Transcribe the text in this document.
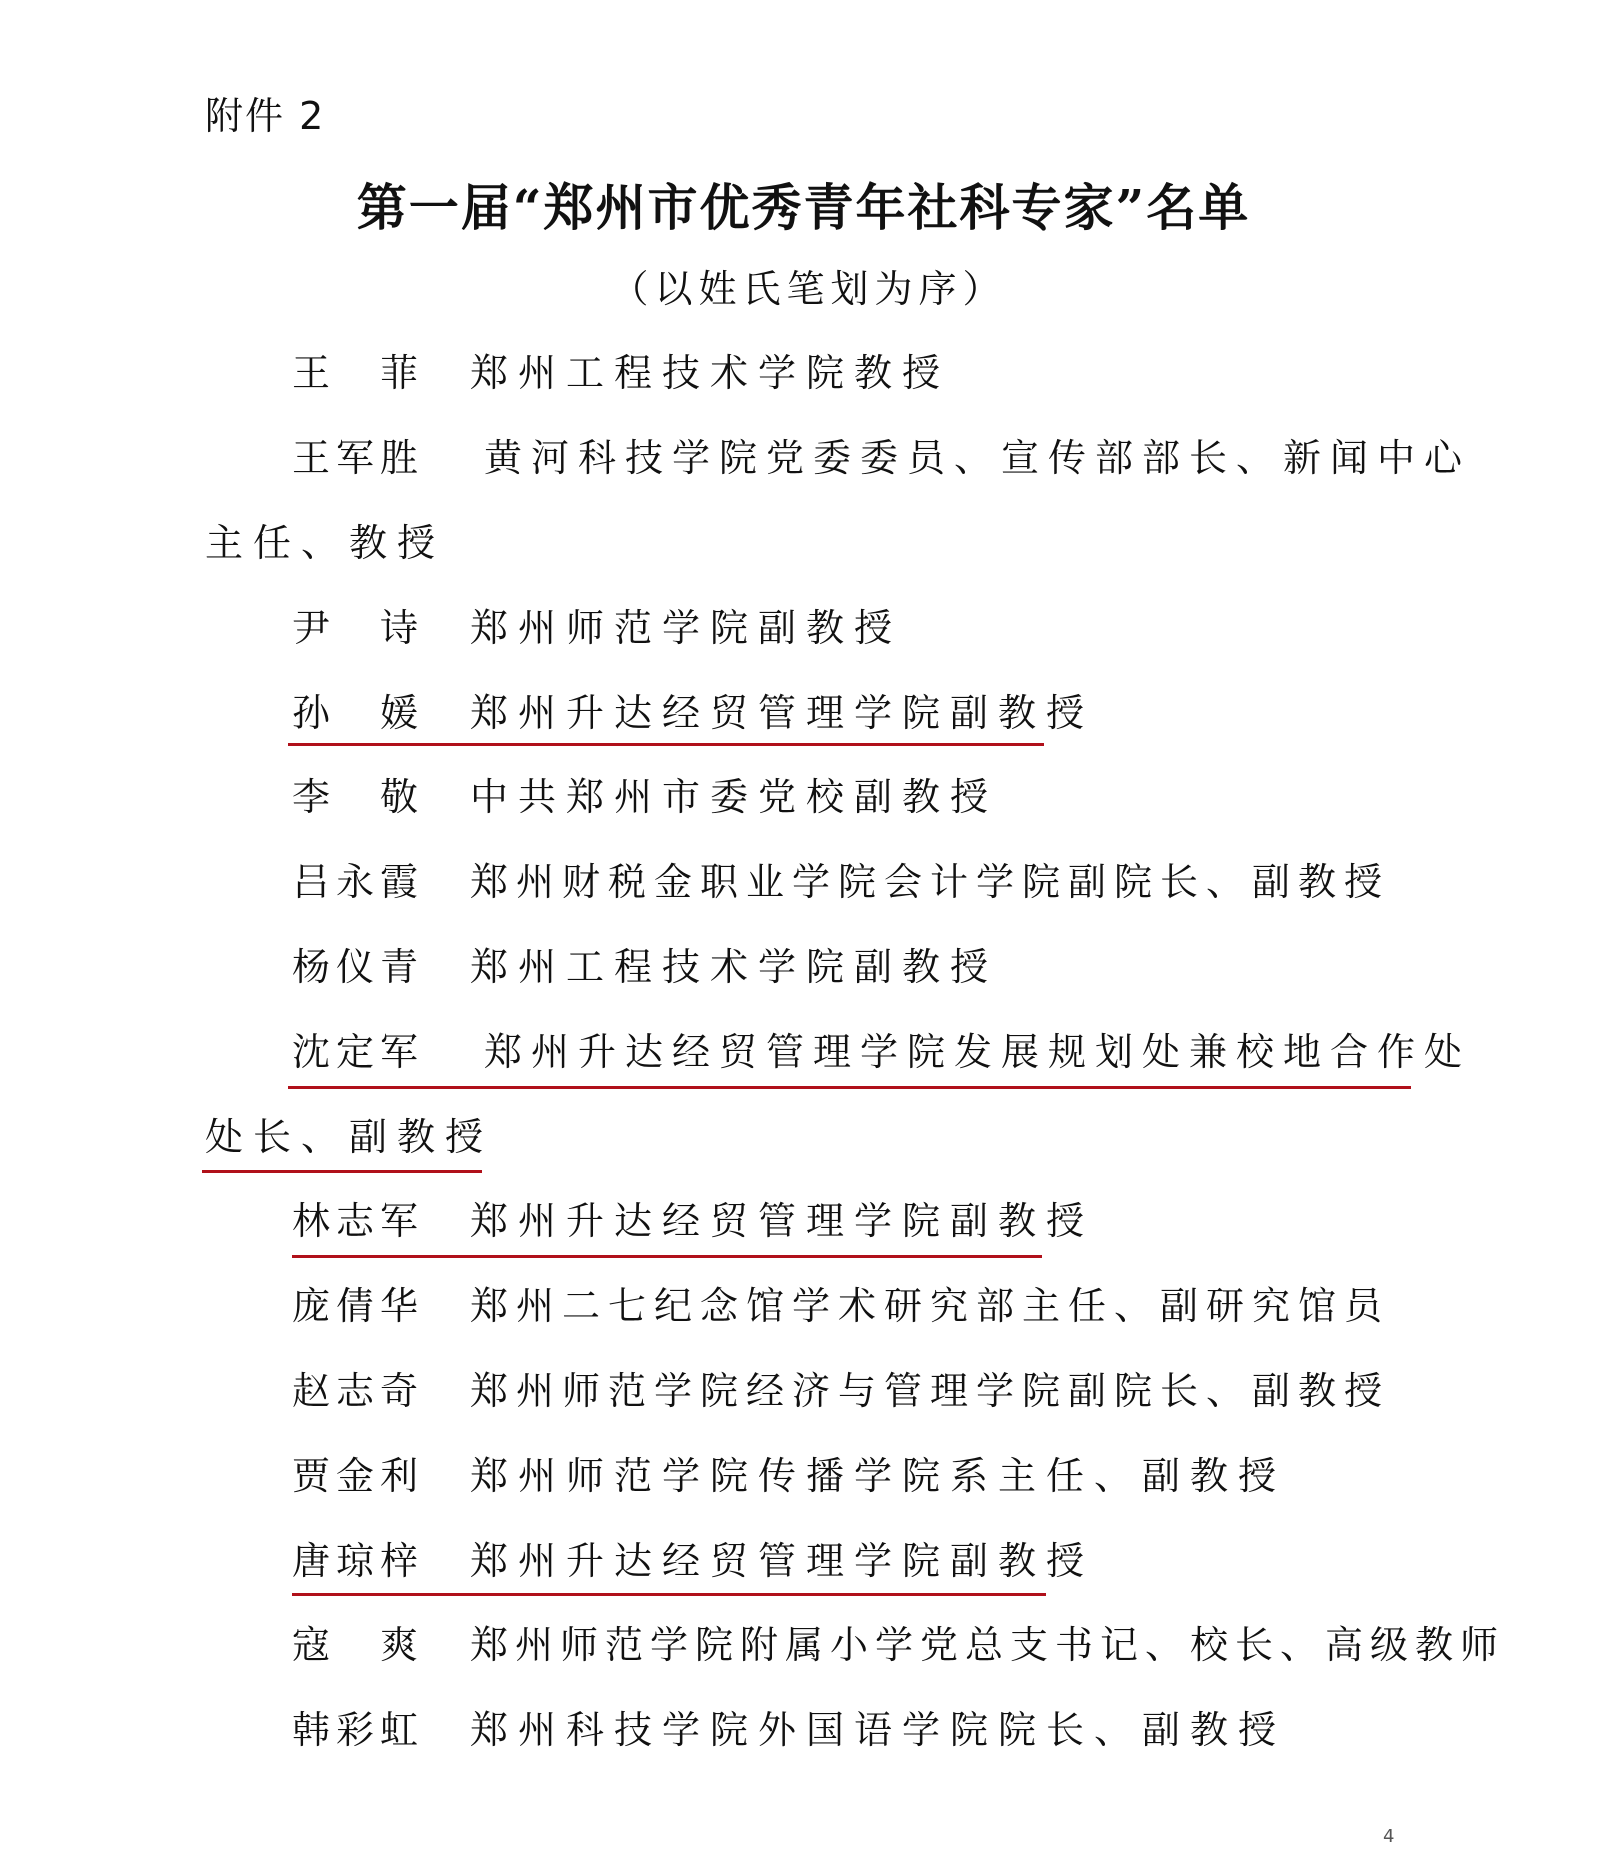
附件 2
第一届“郑州市优秀青年社科专家”名单
（以姓氏笔划为序）
王　菲 郑州工程技术学院教授
王军胜 黄河科技学院党委委员、宣传部部长、新闻中心
主任、教授
尹　诗 郑州师范学院副教授
孙　媛 郑州升达经贸管理学院副教授
李　敬 中共郑州市委党校副教授
吕永霞 郑州财税金职业学院会计学院副院长、副教授
杨仪青 郑州工程技术学院副教授
沈定军 郑州升达经贸管理学院发展规划处兼校地合作处
处长、副教授
林志军 郑州升达经贸管理学院副教授
庞倩华 郑州二七纪念馆学术研究部主任、副研究馆员
赵志奇 郑州师范学院经济与管理学院副院长、副教授
贾金利 郑州师范学院传播学院系主任、副教授
唐琼梓 郑州升达经贸管理学院副教授
寇　爽 郑州师范学院附属小学党总支书记、校长、高级教师
韩彩虹 郑州科技学院外国语学院院长、副教授
4
